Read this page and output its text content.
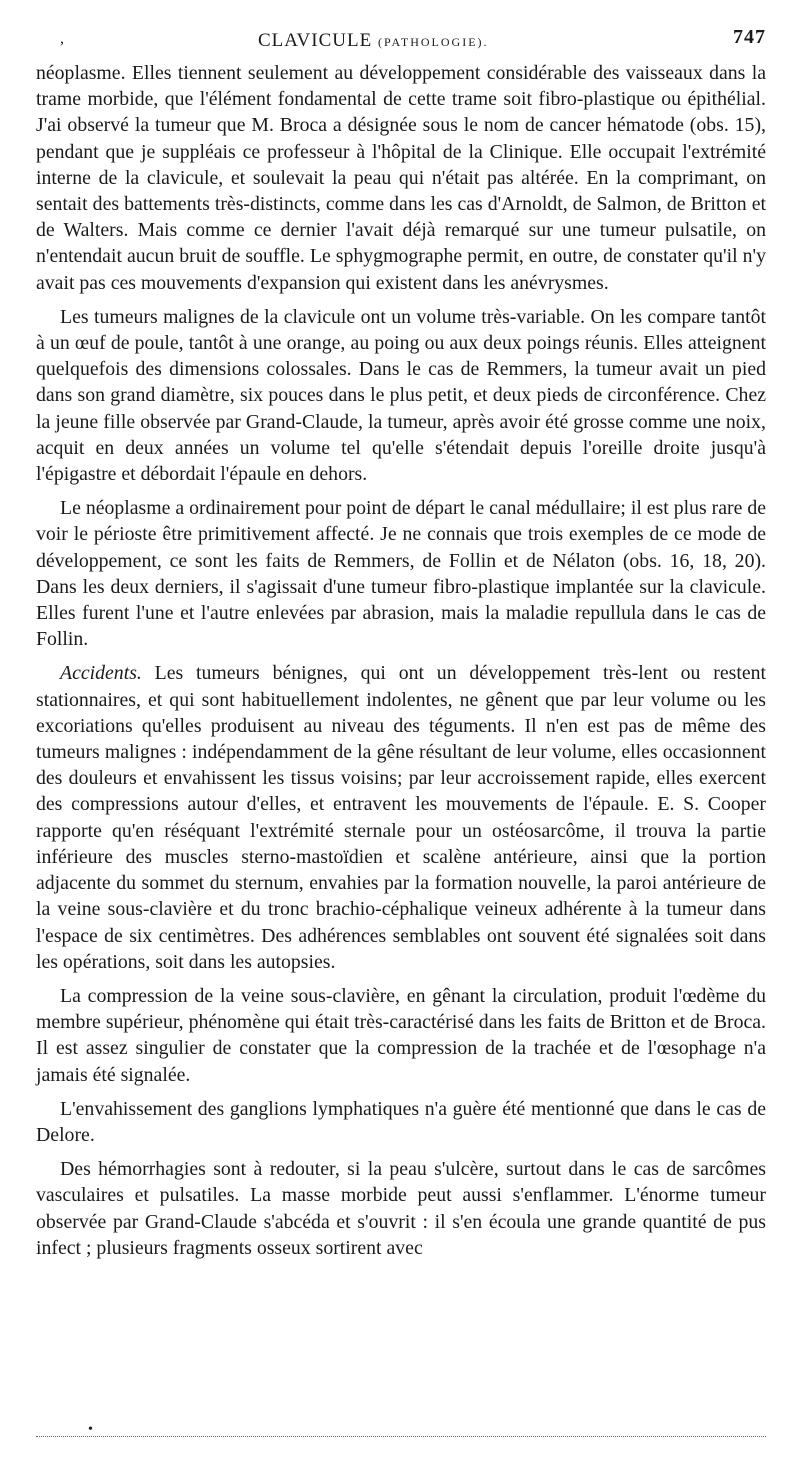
,	CLAVICULE (PATHOLOGIE).	747

néoplasme. Elles tiennent seulement au développement considérable des vaisseaux dans la trame morbide, que l'élément fondamental de cette trame soit fibro-plastique ou épithélial. J'ai observé la tumeur que M. Broca a désignée sous le nom de cancer hématode (obs. 15), pendant que je suppléais ce professeur à l'hôpital de la Clinique. Elle occupait l'extrémité interne de la clavicule, et soulevait la peau qui n'était pas altérée. En la comprimant, on sentait des battements très-distincts, comme dans les cas d'Arnoldt, de Salmon, de Britton et de Walters. Mais comme ce dernier l'avait déjà remarqué sur une tumeur pulsatile, on n'entendait aucun bruit de souffle. Le sphygmographe permit, en outre, de constater qu'il n'y avait pas ces mouvements d'expansion qui existent dans les anévrysmes.

Les tumeurs malignes de la clavicule ont un volume très-variable. On les compare tantôt à un œuf de poule, tantôt à une orange, au poing ou aux deux poings réunis. Elles atteignent quelquefois des dimensions colossales. Dans le cas de Remmers, la tumeur avait un pied dans son grand diamètre, six pouces dans le plus petit, et deux pieds de circonférence. Chez la jeune fille observée par Grand-Claude, la tumeur, après avoir été grosse comme une noix, acquit en deux années un volume tel qu'elle s'étendait depuis l'oreille droite jusqu'à l'épigastre et débordait l'épaule en dehors.

Le néoplasme a ordinairement pour point de départ le canal médullaire; il est plus rare de voir le périoste être primitivement affecté. Je ne connais que trois exemples de ce mode de développement, ce sont les faits de Remmers, de Follin et de Nélaton (obs. 16, 18, 20). Dans les deux derniers, il s'agissait d'une tumeur fibro-plastique implantée sur la clavicule. Elles furent l'une et l'autre enlevées par abrasion, mais la maladie repullula dans le cas de Follin.

Accidents. Les tumeurs bénignes, qui ont un développement très-lent ou restent stationnaires, et qui sont habituellement indolentes, ne gênent que par leur volume ou les excoriations qu'elles produisent au niveau des téguments. Il n'en est pas de même des tumeurs malignes : indépendamment de la gêne résultant de leur volume, elles occasionnent des douleurs et envahissent les tissus voisins; par leur accroissement rapide, elles exercent des compressions autour d'elles, et entravent les mouvements de l'épaule. E. S. Cooper rapporte qu'en réséquant l'extrémité sternale pour un ostéosarcôme, il trouva la partie inférieure des muscles sterno-mastoïdien et scalène antérieure, ainsi que la portion adjacente du sommet du sternum, envahies par la formation nouvelle, la paroi antérieure de la veine sous-clavière et du tronc brachio-céphalique veineux adhérente à la tumeur dans l'espace de six centimètres. Des adhérences semblables ont souvent été signalées soit dans les opérations, soit dans les autopsies.

La compression de la veine sous-clavière, en gênant la circulation, produit l'œdème du membre supérieur, phénomène qui était très-caractérisé dans les faits de Britton et de Broca. Il est assez singulier de constater que la compression de la trachée et de l'œsophage n'a jamais été signalée.

L'envahissement des ganglions lymphatiques n'a guère été mentionné que dans le cas de Delore.

Des hémorrhagies sont à redouter, si la peau s'ulcère, surtout dans le cas de sarcômes vasculaires et pulsatiles. La masse morbide peut aussi s'enflammer. L'énorme tumeur observée par Grand-Claude s'abcéda et s'ouvrit : il s'en écoula une grande quantité de pus infect ; plusieurs fragments osseux sortirent avec

•
